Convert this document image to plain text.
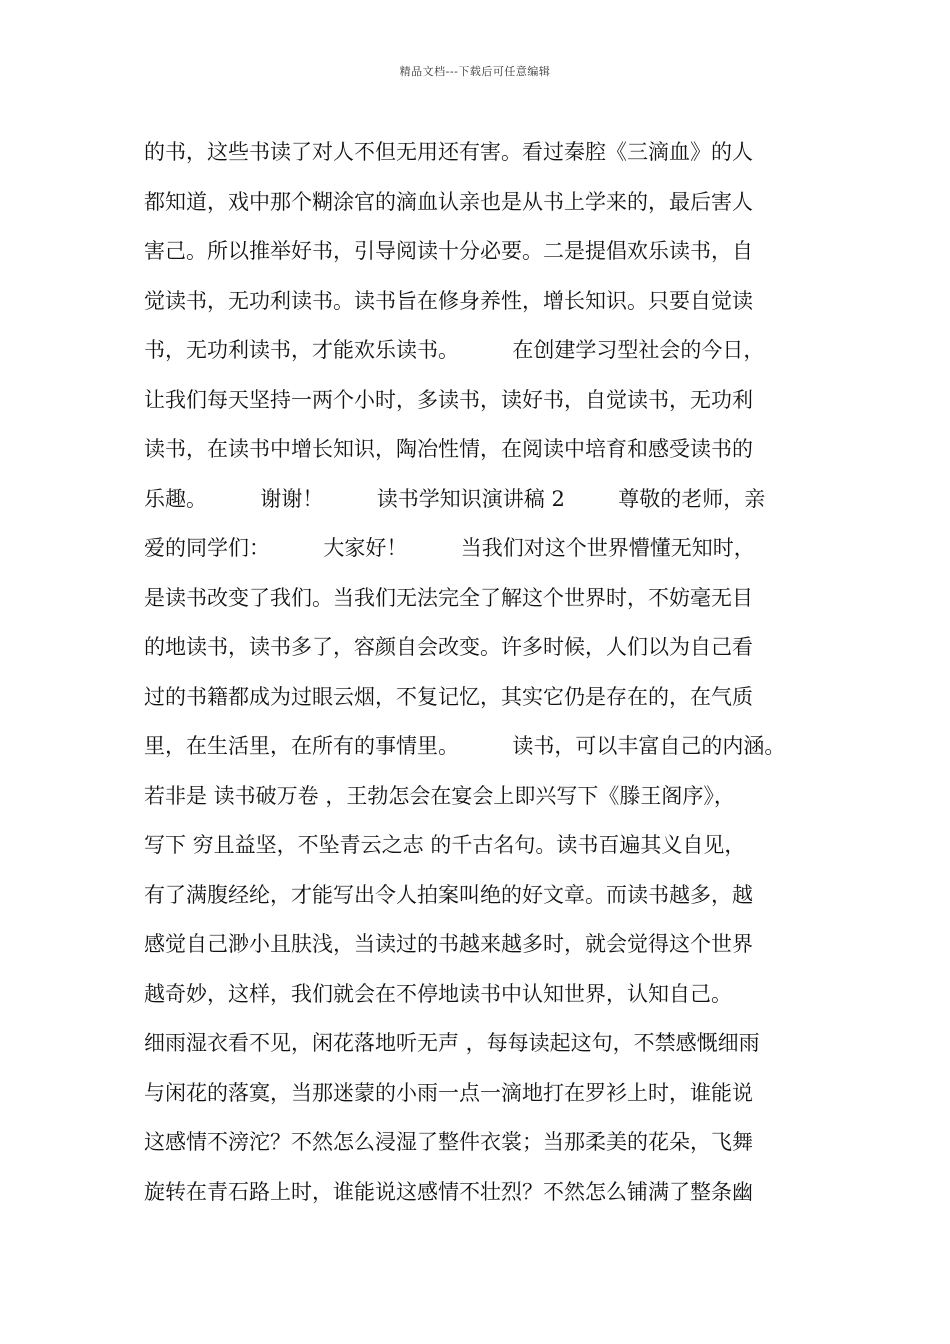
精品文档---下载后可任意编辑
的书，这些书读了对人不但无用还有害。看过秦腔《三滴血》的人
都知道，戏中那个糊涂官的滴血认亲也是从书上学来的，最后害人
害己。所以推举好书，引导阅读十分必要。二是提倡欢乐读书，自
觉读书，无功利读书。读书旨在修身养性，增长知识。只要自觉读
书，无功利读书，才能欢乐读书。        在创建学习型社会的今日，
让我们每天坚持一两个小时，多读书，读好书，自觉读书，无功利
读书，在读书中增长知识，陶冶性情，在阅读中培育和感受读书的
乐趣。        谢谢！        读书学知识演讲稿 2        尊敬的老师，亲
爱的同学们：        大家好！        当我们对这个世界懵懂无知时，
是读书改变了我们。当我们无法完全了解这个世界时，不妨毫无目
的地读书，读书多了，容颜自会改变。许多时候，人们以为自己看
过的书籍都成为过眼云烟，不复记忆，其实它仍是存在的，在气质
里，在生活里，在所有的事情里。        读书，可以丰富自己的内涵。
若非是 读书破万卷 ，王勃怎会在宴会上即兴写下《滕王阁序》，
写下 穷且益坚，不坠青云之志 的千古名句。读书百遍其义自见，
有了满腹经纶，才能写出令人拍案叫绝的好文章。而读书越多，越
感觉自己渺小且肤浅，当读过的书越来越多时，就会觉得这个世界
越奇妙，这样，我们就会在不停地读书中认知世界，认知自己。
细雨湿衣看不见，闲花落地听无声 ，每每读起这句，不禁感慨细雨
与闲花的落寞，当那迷蒙的小雨一点一滴地打在罗衫上时，谁能说
这感情不滂沱？不然怎么浸湿了整件衣裳；当那柔美的花朵，飞舞
旋转在青石路上时，谁能说这感情不壮烈？不然怎么铺满了整条幽
